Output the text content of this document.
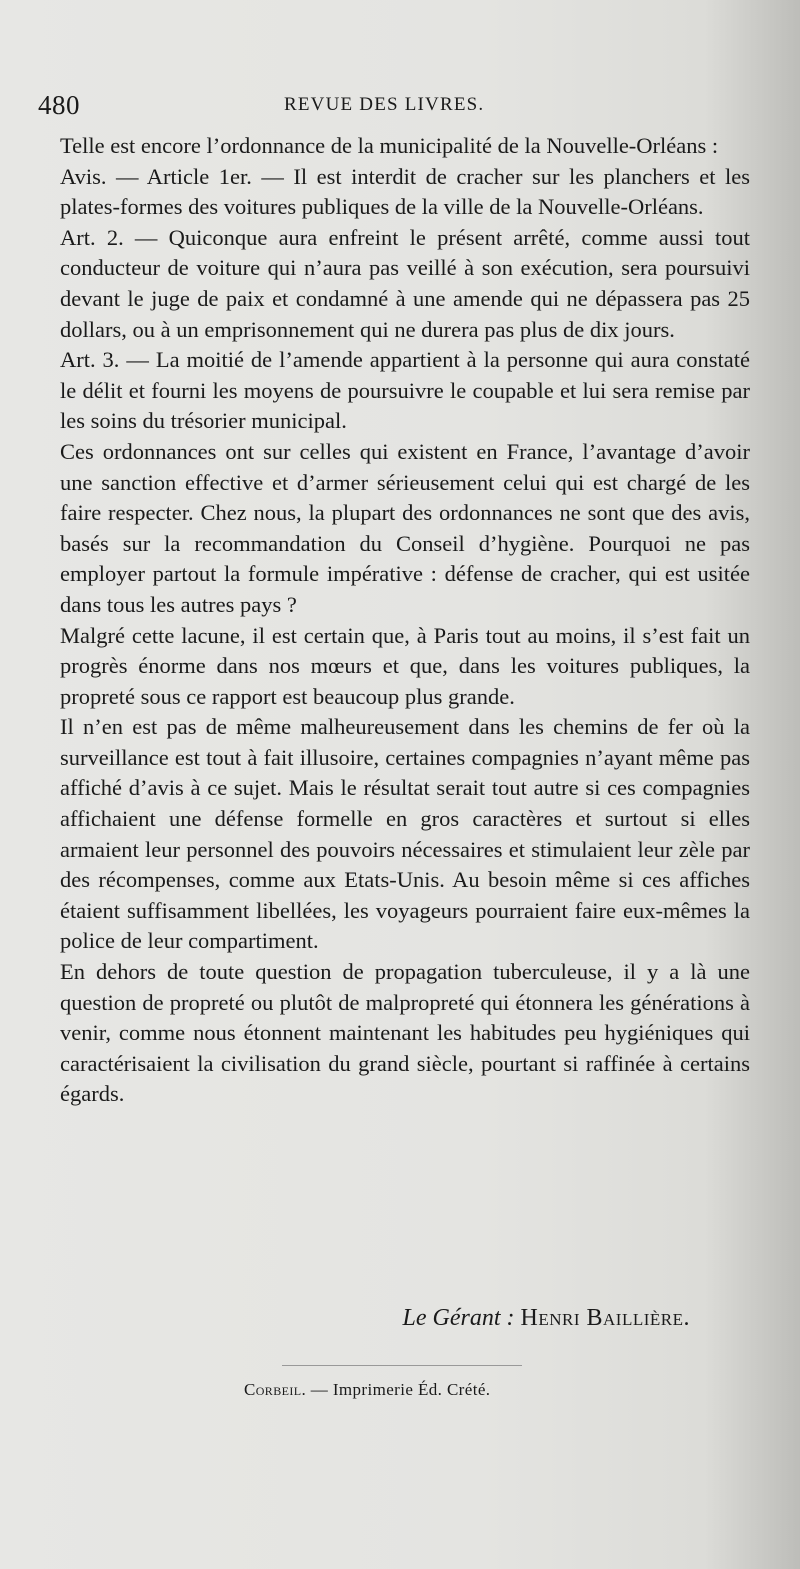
480	REVUE DES LIVRES.

Telle est encore l’ordonnance de la municipalité de la Nouvelle-Orléans :

Avis. — Article 1er. — Il est interdit de cracher sur les planchers et les plates-formes des voitures publiques de la ville de la Nouvelle-Orléans.

Art. 2. — Quiconque aura enfreint le présent arrêté, comme aussi tout conducteur de voiture qui n’aura pas veillé à son exécution, sera poursuivi devant le juge de paix et condamné à une amende qui ne dépassera pas 25 dollars, ou à un emprisonnement qui ne durera pas plus de dix jours.

Art. 3. — La moitié de l’amende appartient à la personne qui aura constaté le délit et fourni les moyens de poursuivre le coupable et lui sera remise par les soins du trésorier municipal.

Ces ordonnances ont sur celles qui existent en France, l’avantage d’avoir une sanction effective et d’armer sérieusement celui qui est chargé de les faire respecter. Chez nous, la plupart des ordonnances ne sont que des avis, basés sur la recommandation du Conseil d’hygiène. Pourquoi ne pas employer partout la formule impérative : défense de cracher, qui est usitée dans tous les autres pays ?

Malgré cette lacune, il est certain que, à Paris tout au moins, il s’est fait un progrès énorme dans nos mœurs et que, dans les voitures publiques, la propreté sous ce rapport est beaucoup plus grande.

Il n’en est pas de même malheureusement dans les chemins de fer où la surveillance est tout à fait illusoire, certaines compagnies n’ayant même pas affiché d’avis à ce sujet. Mais le résultat serait tout autre si ces compagnies affichaient une défense formelle en gros caractères et surtout si elles armaient leur personnel des pouvoirs nécessaires et stimulaient leur zèle par des récompenses, comme aux Etats-Unis. Au besoin même si ces affiches étaient suffisamment libellées, les voyageurs pourraient faire eux-mêmes la police de leur compartiment.

En dehors de toute question de propagation tuberculeuse, il y a là une question de propreté ou plutôt de malpropreté qui étonnera les générations à venir, comme nous étonnent maintenant les habitudes peu hygiéniques qui caractérisaient la civilisation du grand siècle, pourtant si raffinée à certains égards.

Le Gérant : Henri Baillière.
Corbeil. — Imprimerie Éd. Crété.
